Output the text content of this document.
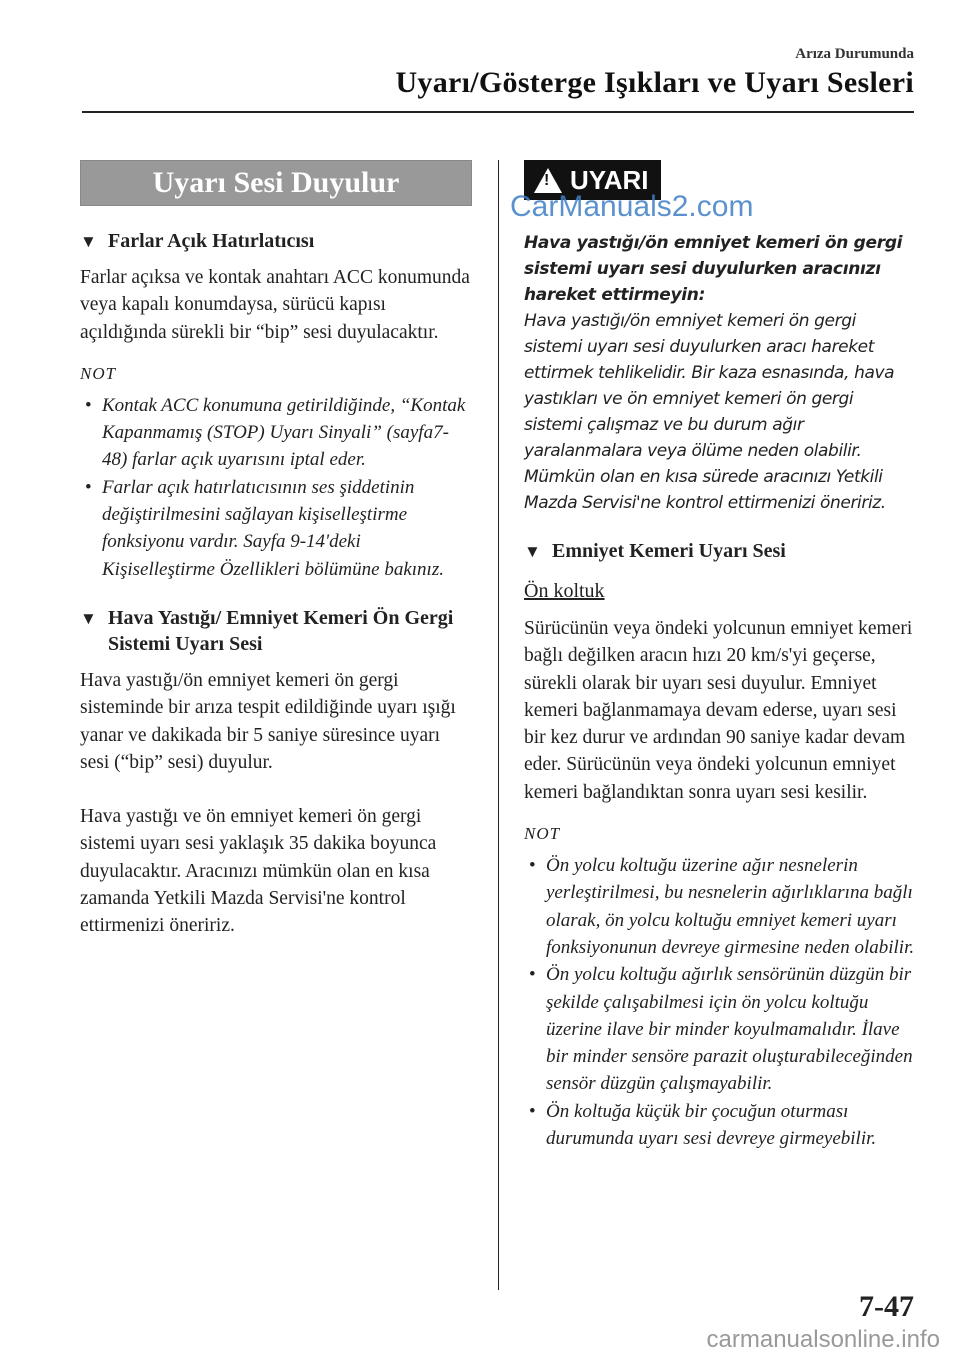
Arıza Durumunda
Uyarı/Gösterge Işıkları ve Uyarı Sesleri
Uyarı Sesi Duyulur
▼ Farlar Açık Hatırlatıcısı
Farlar açıksa ve kontak anahtarı ACC konumunda veya kapalı konumdaysa, sürücü kapısı açıldığında sürekli bir “bip” sesi duyulacaktır.
NOT
• Kontak ACC konumuna getirildiğinde, “Kontak Kapanmamış (STOP) Uyarı Sinyali” (sayfa7-48) farlar açık uyarısını iptal eder.
• Farlar açık hatırlatıcısının ses şiddetinin değiştirilmesini sağlayan kişiselleştirme fonksiyonu vardır. Sayfa 9-14'deki Kişiselleştirme Özellikleri bölümüne bakınız.
▼ Hava Yastığı/ Emniyet Kemeri Ön Gergi Sistemi Uyarı Sesi
Hava yastığı/ön emniyet kemeri ön gergi sisteminde bir arıza tespit edildiğinde uyarı ışığı yanar ve dakikada bir 5 saniye süresince uyarı sesi (“bip” sesi) duyulur.
Hava yastığı ve ön emniyet kemeri ön gergi sistemi uyarı sesi yaklaşık 35 dakika boyunca duyulacaktır. Aracınızı mümkün olan en kısa zamanda Yetkili Mazda Servisi'ne kontrol ettirmenizi öneririz.
! UYARI
CarManuals2.com
Hava yastığı/ön emniyet kemeri ön gergi sistemi uyarı sesi duyulurken aracınızı hareket ettirmeyin:
Hava yastığı/ön emniyet kemeri ön gergi sistemi uyarı sesi duyulurken aracı hareket ettirmek tehlikelidir. Bir kaza esnasında, hava yastıkları ve ön emniyet kemeri ön gergi sistemi çalışmaz ve bu durum ağır yaralanmalara veya ölüme neden olabilir. Mümkün olan en kısa sürede aracınızı Yetkili Mazda Servisi'ne kontrol ettirmenizi öneririz.
▼ Emniyet Kemeri Uyarı Sesi
Ön koltuk
Sürücünün veya öndeki yolcunun emniyet kemeri bağlı değilken aracın hızı 20 km/s'yi geçerse, sürekli olarak bir uyarı sesi duyulur. Emniyet kemeri bağlanmamaya devam ederse, uyarı sesi bir kez durur ve ardından 90 saniye kadar devam eder. Sürücünün veya öndeki yolcunun emniyet kemeri bağlandıktan sonra uyarı sesi kesilir.
NOT
• Ön yolcu koltuğu üzerine ağır nesnelerin yerleştirilmesi, bu nesnelerin ağırlıklarına bağlı olarak, ön yolcu koltuğu emniyet kemeri uyarı fonksiyonunun devreye girmesine neden olabilir.
• Ön yolcu koltuğu ağırlık sensörünün düzgün bir şekilde çalışabilmesi için ön yolcu koltuğu üzerine ilave bir minder koyulmamalıdır. İlave bir minder sensöre parazit oluşturabileceğinden sensör düzgün çalışmayabilir.
• Ön koltuğa küçük bir çocuğun oturması durumunda uyarı sesi devreye girmeyebilir.
7-47
carmanualsonline.info
